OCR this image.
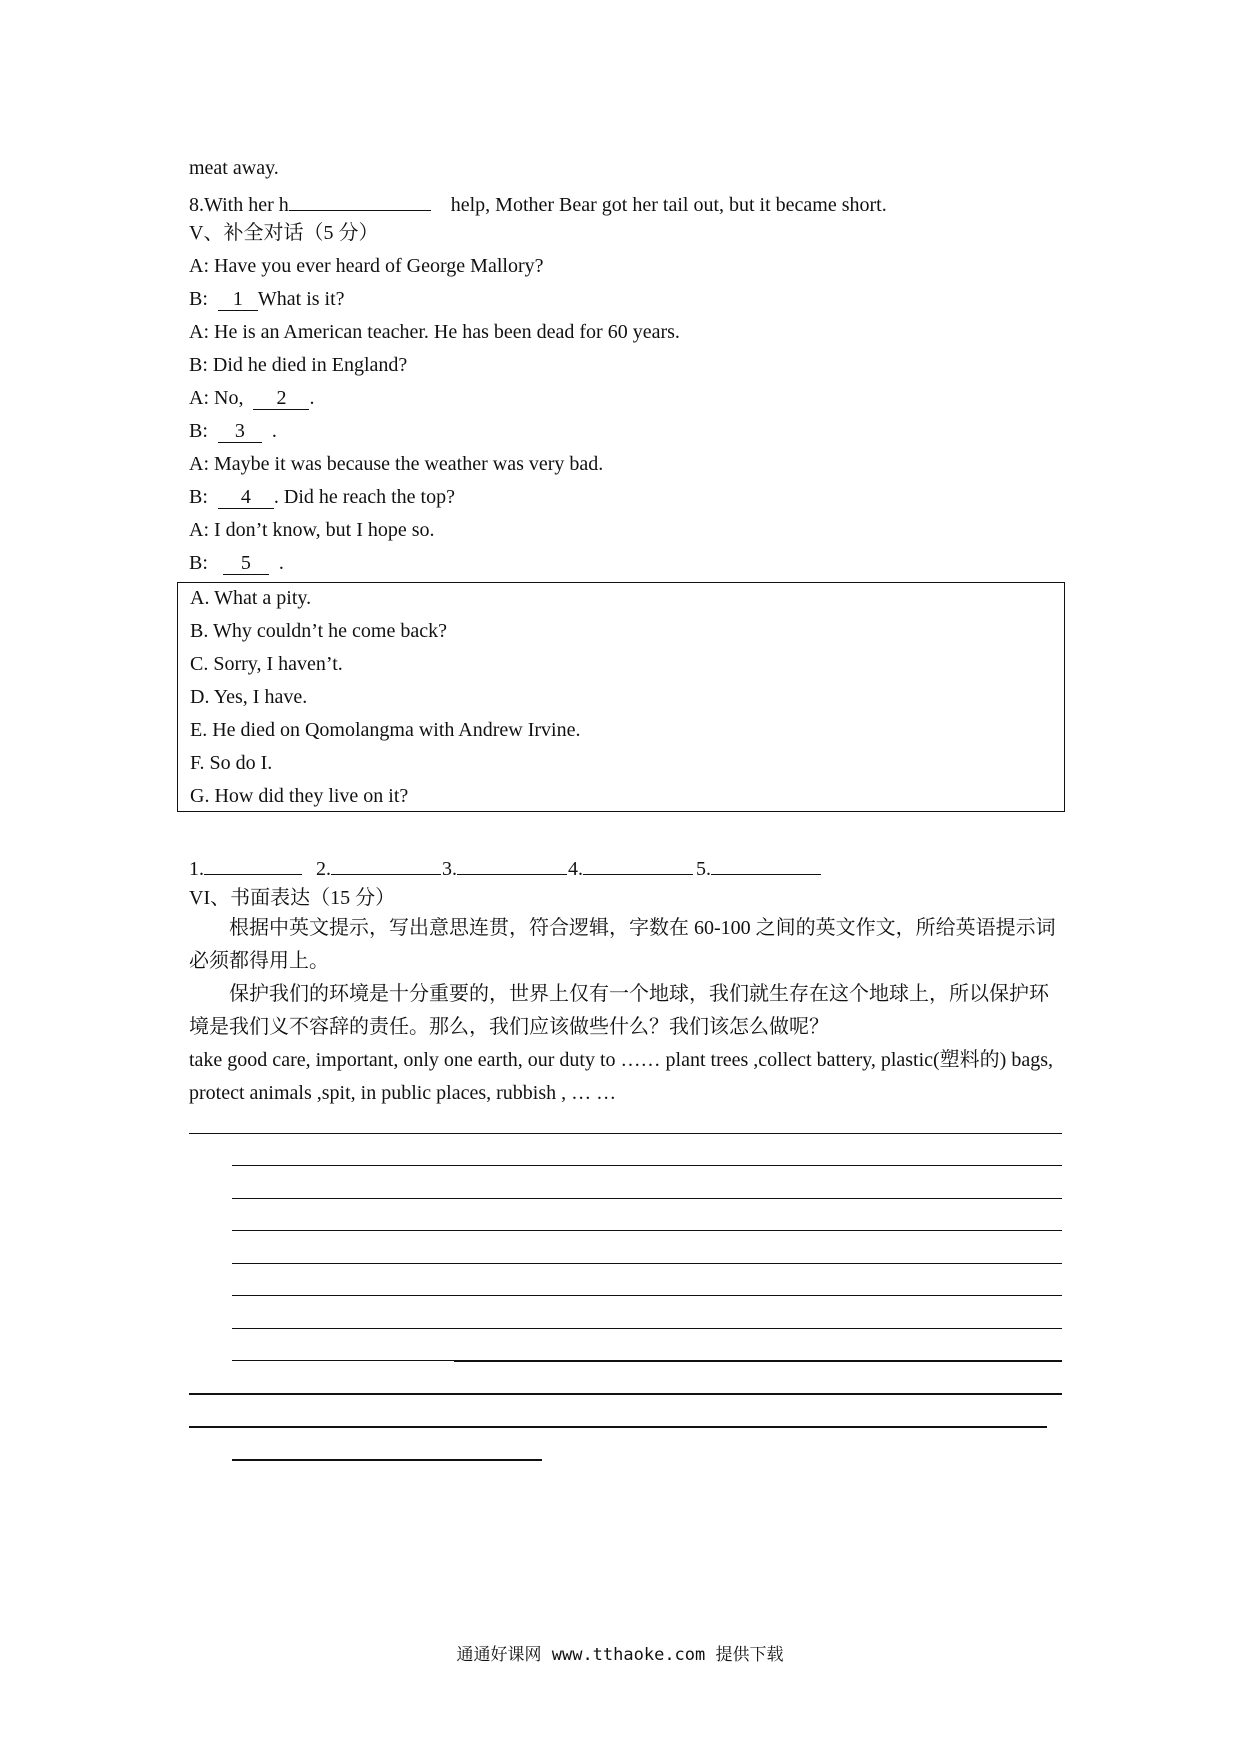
meat away.
8.With her h	help, Mother Bear got her tail out, but it became short.
V、补全对话（5 分）
A: Have you ever heard of George Mallory?
B: 1 What is it?
A: He is an American teacher. He has been dead for 60 years.
B: Did he died in England?
A: No, 2 .
B: 3 .
A: Maybe it was because the weather was very bad.
B: 4 . Did he reach the top?
A: I don’t know, but I hope so.
B: 5 .
A. What a pity.
B. Why couldn’t he come back?
C. Sorry, I haven’t.
D. Yes, I have.
E. He died on Qomolangma with Andrew Irvine.
F. So do I.
G. How did they live on it?
1.	2.	3.	4.	5.
VI、书面表达（15 分）

根据中英文提示，写出意思连贯，符合逻辑，字数在 60-100 之间的英文作文，所给英语提示词必须都得用上。

保护我们的环境是十分重要的，世界上仅有一个地球，我们就生存在这个地球上，所以保护环境是我们义不容辞的责任。那么，我们应该做些什么？我们该怎么做呢？

take good care, important, only one earth, our duty to …… plant trees ,collect battery, plastic(塑料的) bags, protect animals ,spit, in public places, rubbish , … …

通通好课网 www.tthaoke.com 提供下载
